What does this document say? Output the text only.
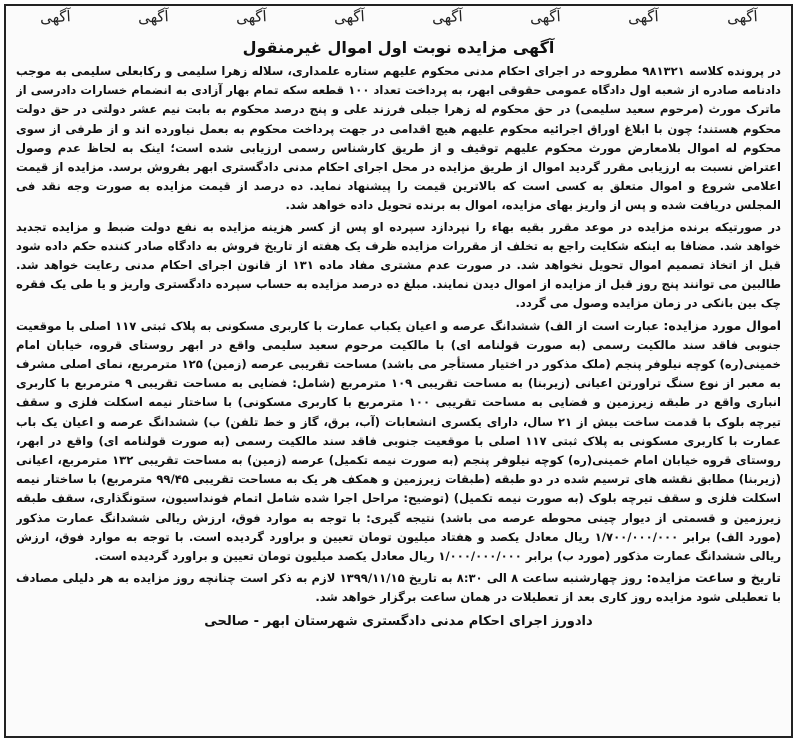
آگهی	آگهی	آگهی	آگهی	آگهی	آگهی	آگهی	آگهی
آگهی مزایده نوبت اول اموال غیرمنقول

در پرونده کلاسه ۹۸۱۳۲۱ مطروحه در اجرای احکام مدنی محکوم علیهم ستاره علمداری، سلاله زهرا سلیمی و رکابعلی سلیمی به موجب دادنامه صادره از شعبه اول دادگاه عمومی حقوقی ابهر، به پرداخت تعداد ۱۰۰ قطعه سکه تمام بهار آزادی به انضمام خسارات دادرسی از ماترک مورث (مرحوم سعید سلیمی) در حق محکوم له زهرا جبلی فرزند علی و پنج درصد محکوم به بابت نیم عشر دولتی در حق دولت محکوم هستند؛ چون با ابلاغ اوراق اجرائیه محکوم علیهم هیچ اقدامی در جهت پرداخت محکوم به بعمل نیاورده اند و از طرفی از سوی محکوم له اموال بلامعارض مورث محکوم علیهم توقیف و از طریق کارشناس رسمی ارزیابی شده است؛ اینک به لحاظ عدم وصول اعتراض نسبت به ارزیابی مقرر گردید اموال از طریق مزایده در محل اجرای احکام مدنی دادگستری ابهر بفروش برسد. مزایده از قیمت اعلامی شروع و اموال متعلق به کسی است که بالاترین قیمت را پیشنهاد نماید. ده درصد از قیمت مزایده به صورت وجه نقد فی المجلس دریافت شده و پس از واریز بهای مزایده، اموال به برنده تحویل داده خواهد شد.

در صورتیکه برنده مزایده در موعد مقرر بقیه بهاء را نپردازد سپرده او پس از کسر هزینه مزایده به نفع دولت ضبط و مزایده تجدید خواهد شد. مضافا به اینکه شکایت راجع به تخلف از مقررات مزایده ظرف یک هفته از تاریخ فروش به دادگاه صادر کننده حکم داده شود قبل از اتخاذ تصمیم اموال تحویل نخواهد شد. در صورت عدم مشتری مفاد ماده ۱۳۱ از قانون اجرای احکام مدنی رعایت خواهد شد. طالبین می توانند پنج روز قبل از مزایده از اموال دیدن نمایند. مبلغ ده درصد مزایده به حساب سپرده دادگستری واریز و یا طی یک فقره چک بین بانکی در زمان مزایده وصول می گردد.

اموال مورد مزایده: عبارت است از الف) ششدانگ عرصه و اعیان یکباب عمارت با کاربری مسکونی به پلاک ثبتی ۱۱۷ اصلی با موقعیت جنوبی فاقد سند مالکیت رسمی (به صورت قولنامه ای) با مالکیت مرحوم سعید سلیمی واقع در ابهر روستای قروه، خیابان امام خمینی(ره) کوچه نیلوفر پنجم (ملک مذکور در اختیار مستأجر می باشد) مساحت تقریبی عرصه (زمین) ۱۲۵ مترمربع، نمای اصلی مشرف به معبر از نوع سنگ تراورتن اعیانی (زیربنا) به مساحت تقریبی ۱۰۹ مترمربع (شامل: فضایی به مساحت تقریبی ۹ مترمربع با کاربری انباری واقع در طبقه زیرزمین و فضایی به مساحت تقریبی ۱۰۰ مترمربع با کاربری مسکونی) با ساختار نیمه اسکلت فلزی و سقف تیرچه بلوک با قدمت ساخت بیش از ۲۱ سال، دارای یکسری انشعابات (آب، برق، گاز و خط تلفن) ب) ششدانگ عرصه و اعیان یک باب عمارت با کاربری مسکونی به پلاک ثبتی ۱۱۷ اصلی با موقعیت جنوبی فاقد سند مالکیت رسمی (به صورت قولنامه ای) واقع در ابهر، روستای قروه خیابان امام خمینی(ره) کوچه نیلوفر پنجم (به صورت نیمه تکمیل) عرصه (زمین) به مساحت تقریبی ۱۳۲ مترمربع، اعیانی (زیربنا) مطابق نقشه های ترسیم شده در دو طبقه (طبقات زیرزمین و همکف هر یک به مساحت تقریبی ۹۹/۴۵ مترمربع) با ساختار نیمه اسکلت فلزی و سقف تیرچه بلوک (به صورت نیمه تکمیل) (توضیح: مراحل اجرا شده شامل اتمام فونداسیون، ستونگذاری، سقف طبقه زیرزمین و قسمتی از دیوار چینی محوطه عرصه می باشد) نتیجه گیری: با توجه به موارد فوق، ارزش ریالی ششدانگ عمارت مذکور (مورد الف) برابر ۱/۷۰۰/۰۰۰/۰۰۰ ریال معادل یکصد و هفتاد میلیون تومان تعیین و براورد گردیده است. با توجه به موارد فوق، ارزش ریالی ششدانگ عمارت مذکور (مورد ب) برابر ۱/۰۰۰/۰۰۰/۰۰۰ ریال معادل یکصد میلیون تومان تعیین و براورد گردیده است.

تاریخ و ساعت مزایده: روز چهارشنبه ساعت ۸ الی ۸:۳۰ به تاریخ ۱۳۹۹/۱۱/۱۵ لازم به ذکر است چنانچه روز مزایده به هر دلیلی مصادف با تعطیلی شود مزایده روز کاری بعد از تعطیلات در همان ساعت برگزار خواهد شد.

دادورز اجرای احکام مدنی دادگستری شهرستان ابهر - صالحی
